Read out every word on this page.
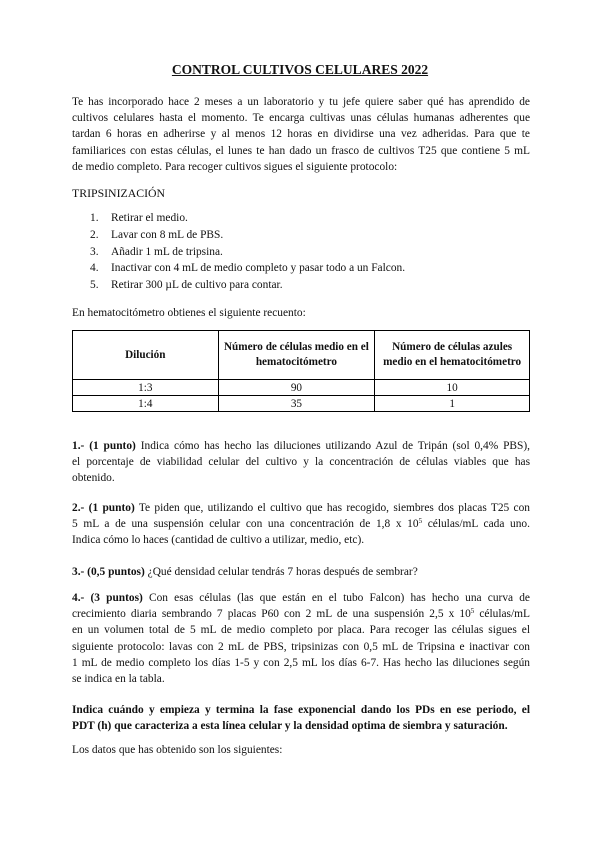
CONTROL CULTIVOS CELULARES 2022
Te has incorporado hace 2 meses a un laboratorio y tu jefe quiere saber qué has aprendido de
cultivos celulares hasta el momento. Te encarga cultivas unas células humanas adherentes que
tardan 6 horas en adherirse y al menos 12 horas en dividirse una vez adheridas. Para que te
familiarices con estas células, el lunes te han dado un frasco de cultivos T25 que contiene 5 mL
de medio completo. Para recoger cultivos sigues el siguiente protocolo:
TRIPSINIZACIÓN
1. Retirar el medio.
2. Lavar con 8 mL de PBS.
3. Añadir 1 mL de tripsina.
4. Inactivar con 4 mL de medio completo y pasar todo a un Falcon.
5. Retirar 300 µL de cultivo para contar.
En hematocitómetro obtienes el siguiente recuento:
Dilución	Número de células medio en el hematocitómetro	Número de células azules medio en el hematocitómetro
1:3	90	10
1:4	35	1
1.- (1 punto) Indica cómo has hecho las diluciones utilizando Azul de Tripán (sol 0,4% PBS),
el porcentaje de viabilidad celular del cultivo y la concentración de células viables que has
obtenido.
2.- (1 punto) Te piden que, utilizando el cultivo que has recogido, siembres dos placas T25 con
5 mL a de una suspensión celular con una concentración de 1,8 x $10^5$ células/mL cada uno.
Indica cómo lo haces (cantidad de cultivo a utilizar, medio, etc).
3.- (0,5 puntos) ¿Qué densidad celular tendrás 7 horas después de sembrar?
4.- (3 puntos) Con esas células (las que están en el tubo Falcon) has hecho una curva de
crecimiento diaria sembrando 7 placas P60 con 2 mL de una suspensión 2,5 x $10^5$ células/mL
en un volumen total de 5 mL de medio completo por placa. Para recoger las células sigues el
siguiente protocolo: lavas con 2 mL de PBS, tripsinizas con 0,5 mL de Tripsina e inactivar con
1 mL de medio completo los días 1-5 y con 2,5 mL los días 6-7. Has hecho las diluciones según
se indica en la tabla.
Indica cuándo y empieza y termina la fase exponencial dando los PDs en ese periodo, el
PDT (h) que caracteriza a esta línea celular y la densidad optima de siembra y saturación.
Los datos que has obtenido son los siguientes:
